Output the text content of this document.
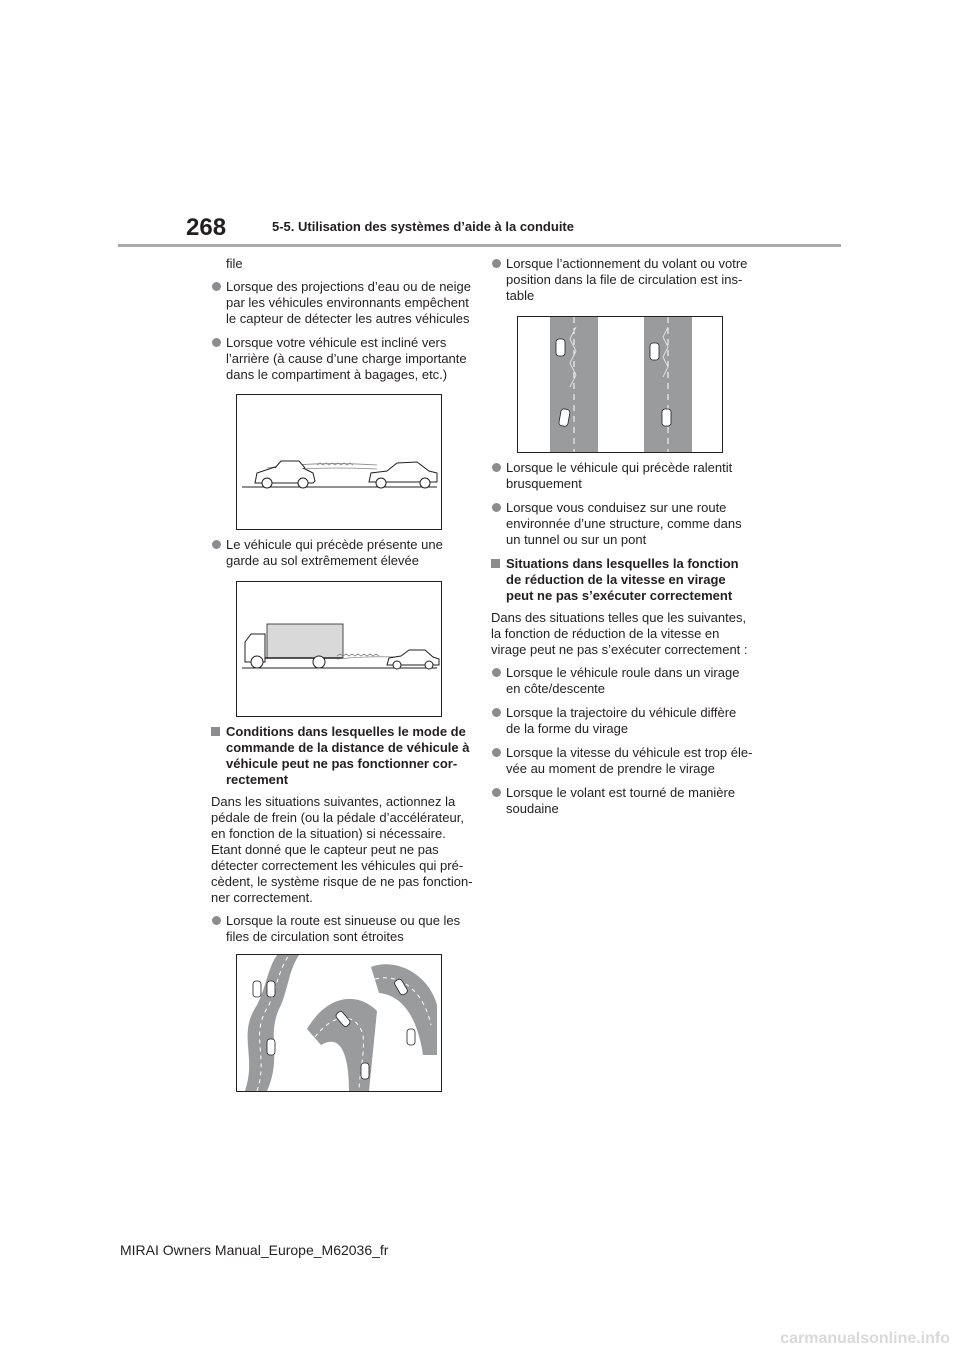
268	5-5. Utilisation des systèmes d’aide à la conduite

file

Lorsque des projections d’eau ou de neige par les véhicules environnants empêchent le capteur de détecter les autres véhicules
Lorsque votre véhicule est incliné vers l’arrière (à cause d’une charge importante dans le compartiment à bagages, etc.)
Le véhicule qui précède présente une garde au sol extrêmement élevée
Conditions dans lesquelles le mode de commande de la distance de véhicule à véhicule peut ne pas fonctionner cor-rectement

Dans les situations suivantes, actionnez la pédale de frein (ou la pédale d’accélérateur, en fonction de la situation) si nécessaire. Etant donné que le capteur peut ne pas détecter correctement les véhicules qui pré-cèdent, le système risque de ne pas fonction-ner correctement.

Lorsque la route est sinueuse ou que les files de circulation sont étroites
Lorsque l’actionnement du volant ou votre position dans la file de circulation est ins-table
Lorsque le véhicule qui précède ralentit brusquement
Lorsque vous conduisez sur une route environnée d’une structure, comme dans un tunnel ou sur un pont
Situations dans lesquelles la fonction de réduction de la vitesse en virage peut ne pas s’exécuter correctement

Dans des situations telles que les suivantes, la fonction de réduction de la vitesse en virage peut ne pas s’exécuter correctement :

Lorsque le véhicule roule dans un virage en côte/descente
Lorsque la trajectoire du véhicule diffère de la forme du virage
Lorsque la vitesse du véhicule est trop éle-vée au moment de prendre le virage
Lorsque le volant est tourné de manière soudaine
MIRAI Owners Manual_Europe_M62036_fr
carmanualsonline.info
